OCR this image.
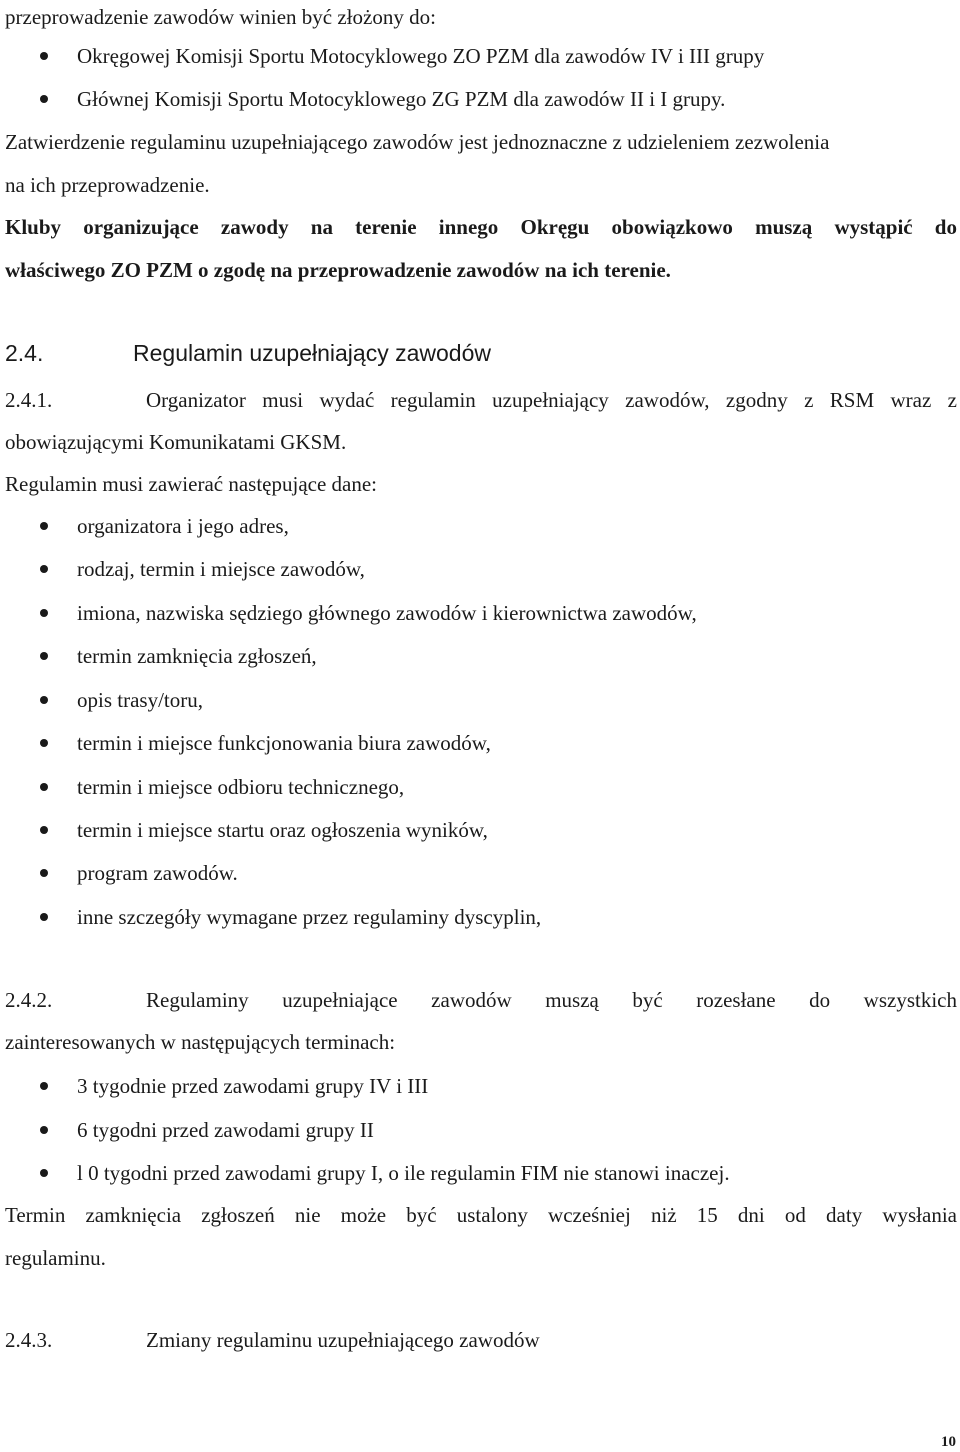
przeprowadzenie zawodów winien być złożony do:
Okręgowej Komisji Sportu Motocyklowego ZO PZM dla zawodów IV i III grupy
Głównej Komisji Sportu Motocyklowego ZG PZM dla zawodów II i I grupy.
Zatwierdzenie regulaminu uzupełniającego zawodów jest jednoznaczne z udzieleniem zezwolenia
na ich przeprowadzenie.
Kluby organizujące zawody na terenie innego Okręgu obowiązkowo muszą wystąpić do
właściwego ZO PZM o zgodę na przeprowadzenie zawodów na ich terenie.
2.4.	Regulamin uzupełniający zawodów
2.4.1.	Organizator musi wydać regulamin uzupełniający zawodów, zgodny z RSM wraz z
obowiązującymi Komunikatami GKSM.
Regulamin musi zawierać następujące dane:
organizatora i jego adres,
rodzaj, termin i miejsce zawodów,
imiona, nazwiska sędziego głównego zawodów i kierownictwa zawodów,
termin zamknięcia zgłoszeń,
opis trasy/toru,
termin i miejsce funkcjonowania biura zawodów,
termin i miejsce odbioru technicznego,
termin i miejsce startu oraz ogłoszenia wyników,
program zawodów.
inne szczegóły wymagane przez regulaminy dyscyplin,
2.4.2.	Regulaminy uzupełniające zawodów muszą być rozesłane do wszystkich
zainteresowanych w następujących terminach:
3 tygodnie przed zawodami grupy IV i III
6 tygodni przed zawodami grupy II
l 0 tygodni przed zawodami grupy I, o ile regulamin FIM nie stanowi inaczej.
Termin zamknięcia zgłoszeń nie może być ustalony wcześniej niż 15 dni od daty wysłania
regulaminu.
2.4.3.	Zmiany regulaminu uzupełniającego zawodów
10
